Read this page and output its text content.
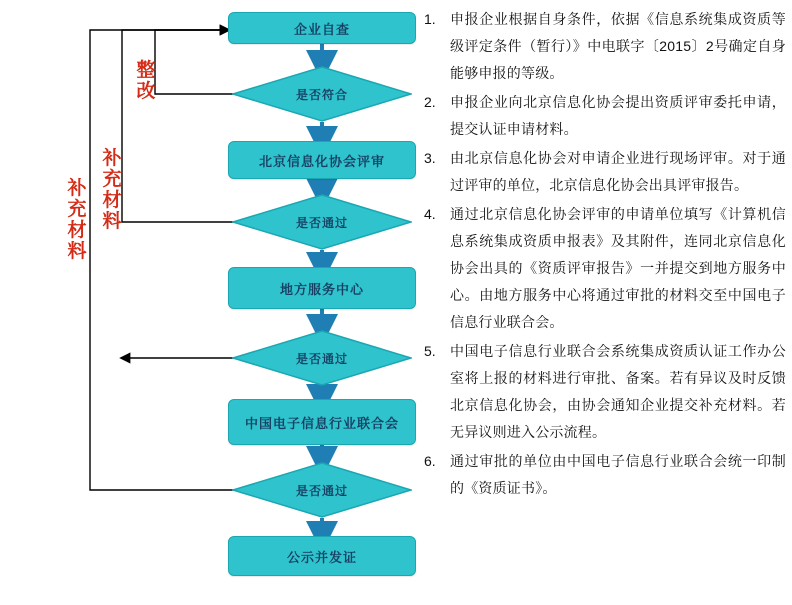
企业自查
北京信息化协会评审
地方服务中心
中国电子信息行业联合会
公示并发证
是否符合
是否通过
是否通过
是否通过
整改
补充材料
补充材料
1.	申报企业根据自身条件，依据《信息系统集成资质等级评定条件（暂行）》中电联字〔2015〕2号确定自身能够申报的等级。
2.	申报企业向北京信息化协会提出资质评审委托申请，提交认证申请材料。
3.	由北京信息化协会对申请企业进行现场评审。对于通过评审的单位，北京信息化协会出具评审报告。
4.	通过北京信息化协会评审的申请单位填写《计算机信息系统集成资质申报表》及其附件，连同北京信息化协会出具的《资质评审报告》一并提交到地方服务中心。由地方服务中心将通过审批的材料交至中国电子信息行业联合会。
5.	中国电子信息行业联合会系统集成资质认证工作办公室将上报的材料进行审批、备案。若有异议及时反馈北京信息化协会，由协会通知企业提交补充材料。若无异议则进入公示流程。
6.	通过审批的单位由中国电子信息行业联合会统一印制的《资质证书》。
